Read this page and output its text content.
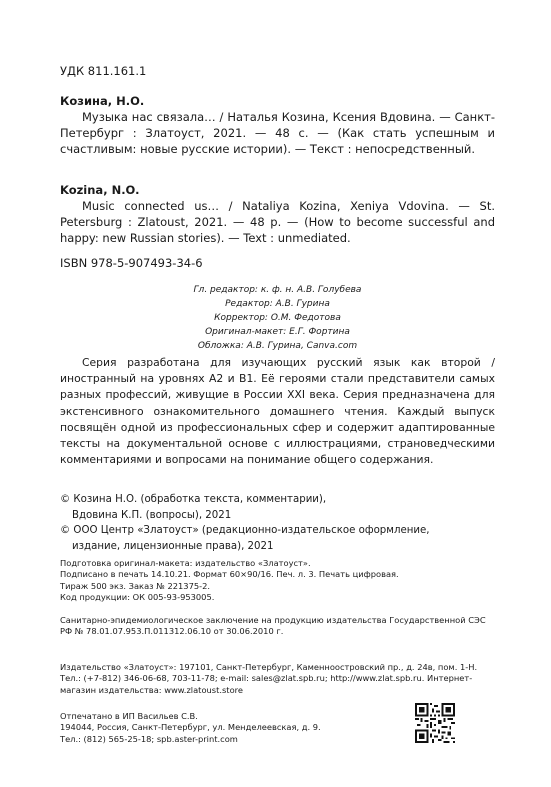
УДК 811.161.1
Козина, Н.О.
Музыка нас связала… / Наталья Козина, Ксения Вдовина. — Санкт-Петербург : Златоуст, 2021. — 48 с. — (Как стать успешным и счастливым: новые русские истории). — Текст : непосредственный.
Kozina, N.O.
Music connected us… / Nataliya Kozina, Xeniya Vdovina. — St. Petersburg : Zlatoust, 2021. — 48 p. — (How to become successful and happy: new Russian stories). — Text : unmediated.
ISBN 978-5-907493-34-6
Гл. редактор: к. ф. н. А.В. Голубева
Редактор: А.В. Гурина
Корректор: О.М. Федотова
Оригинал-макет: Е.Г. Фортина
Обложка: А.В. Гурина, Canva.com
Серия разработана для изучающих русский язык как второй / иностранный на уровнях А2 и В1. Её героями стали представители самых разных профессий, живущие в России XXI века. Серия предназначена для экстенсивного ознакомительного домашнего чтения. Каждый выпуск посвящён одной из профессиональных сфер и содержит адаптированные тексты на документальной основе с иллюстрациями, страноведческими комментариями и вопросами на понимание общего содержания.
© Козина Н.О. (обработка текста, комментарии),
Вдовина К.П. (вопросы), 2021
© ООО Центр «Златоуст» (редакционно-издательское оформление,
издание, лицензионные права), 2021
Подготовка оригинал-макета: издательство «Златоуст».
Подписано в печать 14.10.21. Формат 60×90/16. Печ. л. 3. Печать цифровая.
Тираж 500 экз. Заказ № 221375-2.
Код продукции: ОК 005-93-953005.
Санитарно-эпидемиологическое заключение на продукцию издательства Государственной СЭС РФ № 78.01.07.953.П.011312.06.10 от 30.06.2010 г.
Издательство «Златоуст»: 197101, Санкт-Петербург, Каменноостровский пр., д. 24в, пом. 1-Н. Тел.: (+7-812) 346-06-68, 703-11-78; e-mail: sales@zlat.spb.ru; http://www.zlat.spb.ru. Интернет-магазин издательства: www.zlatoust.store
Отпечатано в ИП Васильев С.В.
194044, Россия, Санкт-Петербург, ул. Менделеевская, д. 9.
Тел.: (812) 565-25-18; spb.aster-print.com
